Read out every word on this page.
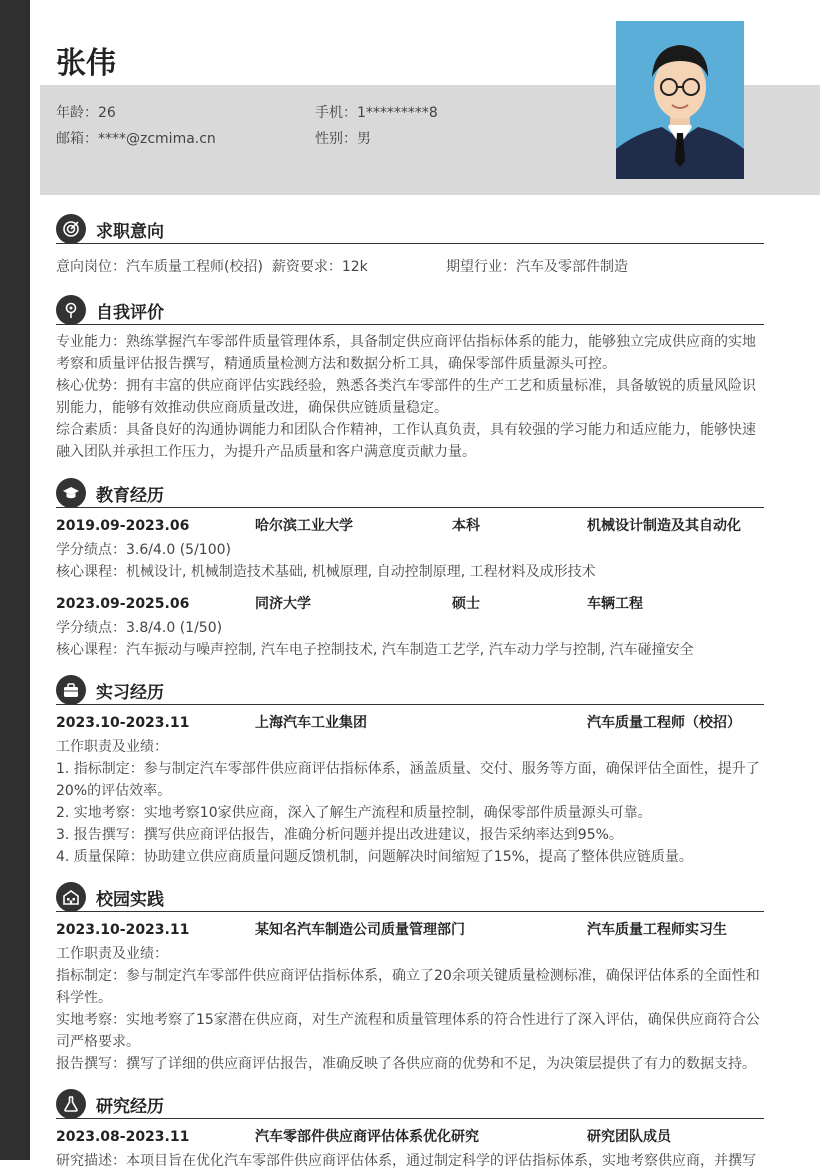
张伟
年龄：26	手机：1*********8
邮箱：****@zcmima.cn	性别：男
求职意向
意向岗位：汽车质量工程师(校招)  薪资要求：12k	期望行业：汽车及零部件制造
自我评价
专业能力：熟练掌握汽车零部件质量管理体系，具备制定供应商评估指标体系的能力，能够独立完成供应商的实地
考察和质量评估报告撰写，精通质量检测方法和数据分析工具，确保零部件质量源头可控。
核心优势：拥有丰富的供应商评估实践经验，熟悉各类汽车零部件的生产工艺和质量标准，具备敏锐的质量风险识
别能力，能够有效推动供应商质量改进，确保供应链质量稳定。
综合素质：具备良好的沟通协调能力和团队合作精神，工作认真负责，具有较强的学习能力和适应能力，能够快速
融入团队并承担工作压力，为提升产品质量和客户满意度贡献力量。
教育经历
2019.09-2023.06	哈尔滨工业大学	本科	机械设计制造及其自动化
学分绩点：3.6/4.0 (5/100)
核心课程：机械设计, 机械制造技术基础, 机械原理, 自动控制原理, 工程材料及成形技术
2023.09-2025.06	同济大学	硕士	车辆工程
学分绩点：3.8/4.0 (1/50)
核心课程：汽车振动与噪声控制, 汽车电子控制技术, 汽车制造工艺学, 汽车动力学与控制, 汽车碰撞安全
实习经历
2023.10-2023.11	上海汽车工业集团	汽车质量工程师（校招）
工作职责及业绩：
1. 指标制定：参与制定汽车零部件供应商评估指标体系，涵盖质量、交付、服务等方面，确保评估全面性，提升了
20%的评估效率。
2. 实地考察：实地考察10家供应商，深入了解生产流程和质量控制，确保零部件质量源头可靠。
3. 报告撰写：撰写供应商评估报告，准确分析问题并提出改进建议，报告采纳率达到95%。
4. 质量保障：协助建立供应商质量问题反馈机制，问题解决时间缩短了15%，提高了整体供应链质量。
校园实践
2023.10-2023.11	某知名汽车制造公司质量管理部门	汽车质量工程师实习生
工作职责及业绩：
指标制定：参与制定汽车零部件供应商评估指标体系，确立了20余项关键质量检测标准，确保评估体系的全面性和
科学性。
实地考察：实地考察了15家潜在供应商，对生产流程和质量管理体系的符合性进行了深入评估，确保供应商符合公
司严格要求。
报告撰写：撰写了详细的供应商评估报告，准确反映了各供应商的优势和不足，为决策层提供了有力的数据支持。
研究经历
2023.08-2023.11	汽车零部件供应商评估体系优化研究	研究团队成员
研究描述：本项目旨在优化汽车零部件供应商评估体系，通过制定科学的评估指标体系，实地考察供应商，并撰写
